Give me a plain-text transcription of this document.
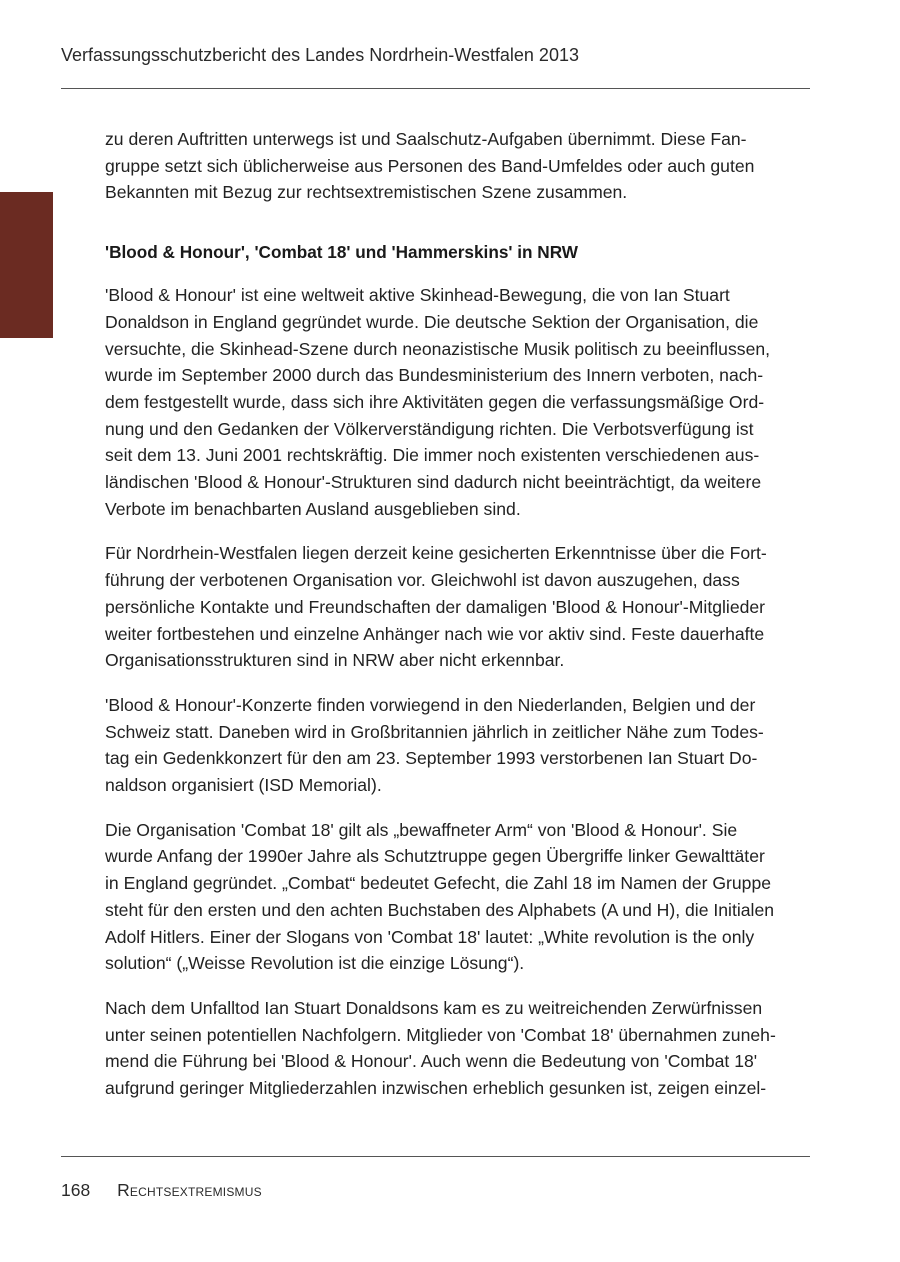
Verfassungsschutzbericht des Landes Nordrhein-Westfalen 2013

zu deren Auftritten unterwegs ist und Saalschutz-Aufgaben übernimmt. Diese Fan-
gruppe setzt sich üblicherweise aus Personen des Band-Umfeldes oder auch guten
Bekannten mit Bezug zur rechtsextremistischen Szene zusammen.

'Blood & Honour', 'Combat 18' und 'Hammerskins' in NRW

'Blood & Honour' ist eine weltweit aktive Skinhead-Bewegung, die von Ian Stuart
Donaldson in England gegründet wurde. Die deutsche Sektion der Organisation, die
versuchte, die Skinhead-Szene durch neonazistische Musik politisch zu beeinflussen,
wurde im September 2000 durch das Bundesministerium des Innern verboten, nach-
dem festgestellt wurde, dass sich ihre Aktivitäten gegen die verfassungsmäßige Ord-
nung und den Gedanken der Völkerverständigung richten. Die Verbotsverfügung ist
seit dem 13. Juni 2001 rechtskräftig. Die immer noch existenten verschiedenen aus-
ländischen 'Blood & Honour'-Strukturen sind dadurch nicht beeinträchtigt, da weitere
Verbote im benachbarten Ausland ausgeblieben sind.

Für Nordrhein-Westfalen liegen derzeit keine gesicherten Erkenntnisse über die Fort-
führung der verbotenen Organisation vor. Gleichwohl ist davon auszugehen, dass
persönliche Kontakte und Freundschaften der damaligen 'Blood & Honour'-Mitglieder
weiter fortbestehen und einzelne Anhänger nach wie vor aktiv sind. Feste dauerhafte
Organisationsstrukturen sind in NRW aber nicht erkennbar.

'Blood & Honour'-Konzerte finden vorwiegend in den Niederlanden, Belgien und der
Schweiz statt. Daneben wird in Großbritannien jährlich in zeitlicher Nähe zum Todes-
tag ein Gedenkkonzert für den am 23. September 1993 verstorbenen Ian Stuart Do-
naldson organisiert (ISD Memorial).

Die Organisation 'Combat 18' gilt als „bewaffneter Arm“ von 'Blood & Honour'. Sie
wurde Anfang der 1990er Jahre als Schutztruppe gegen Übergriffe linker Gewalttäter
in England gegründet. „Combat“ bedeutet Gefecht, die Zahl 18 im Namen der Gruppe
steht für den ersten und den achten Buchstaben des Alphabets (A und H), die Initialen
Adolf Hitlers. Einer der Slogans von 'Combat 18' lautet: „White revolution is the only
solution“ („Weisse Revolution ist die einzige Lösung“).

Nach dem Unfalltod Ian Stuart Donaldsons kam es zu weitreichenden Zerwürfnissen
unter seinen potentiellen Nachfolgern. Mitglieder von 'Combat 18' übernahmen zuneh-
mend die Führung bei 'Blood & Honour'. Auch wenn die Bedeutung von 'Combat 18'
aufgrund geringer Mitgliederzahlen inzwischen erheblich gesunken ist, zeigen einzel-

168 Rechtsextremismus
